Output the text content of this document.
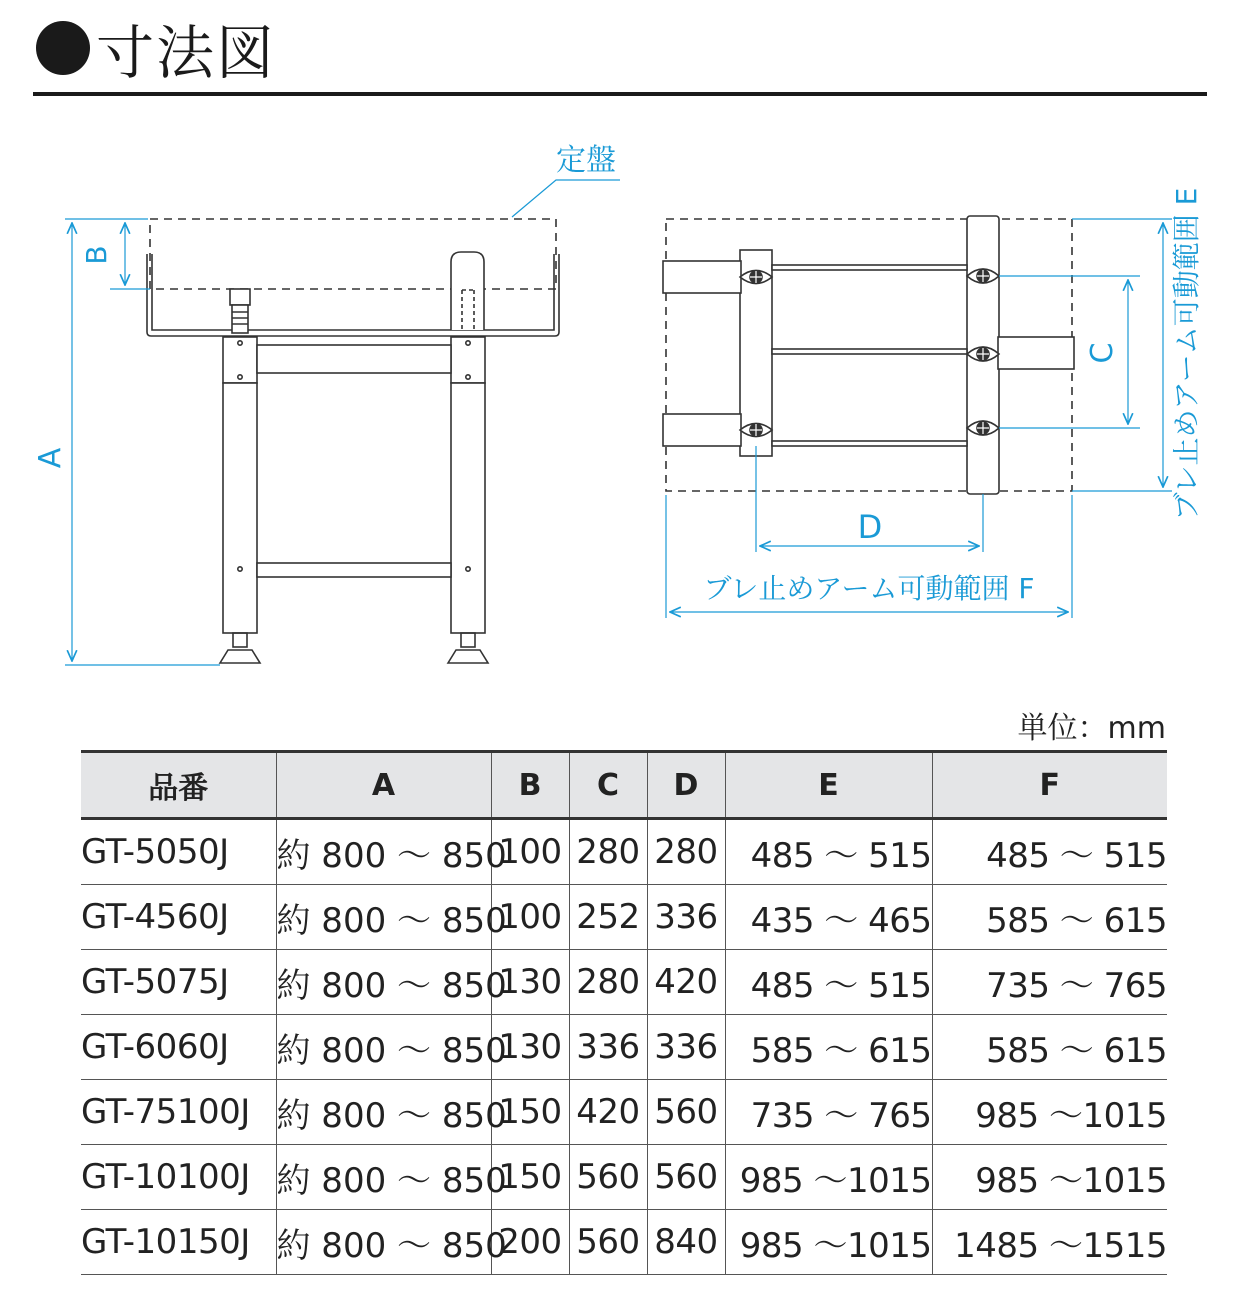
寸法図
定盤
A
B
C
D
ブレ止めアーム可動範囲 E
ブレ止めアーム可動範囲 F
単位：mm
品番	A	B	C	D	E	F
GT-5050J	約 800 ～ 850	100	280	280	485 ～ 515	485 ～ 515
GT-4560J	約 800 ～ 850	100	252	336	435 ～ 465	585 ～ 615
GT-5075J	約 800 ～ 850	130	280	420	485 ～ 515	735 ～ 765
GT-6060J	約 800 ～ 850	130	336	336	585 ～ 615	585 ～ 615
GT-75100J	約 800 ～ 850	150	420	560	735 ～ 765	985 ～1015
GT-10100J	約 800 ～ 850	150	560	560	985 ～1015	985 ～1015
GT-10150J	約 800 ～ 850	200	560	840	985 ～1015	1485 ～1515
